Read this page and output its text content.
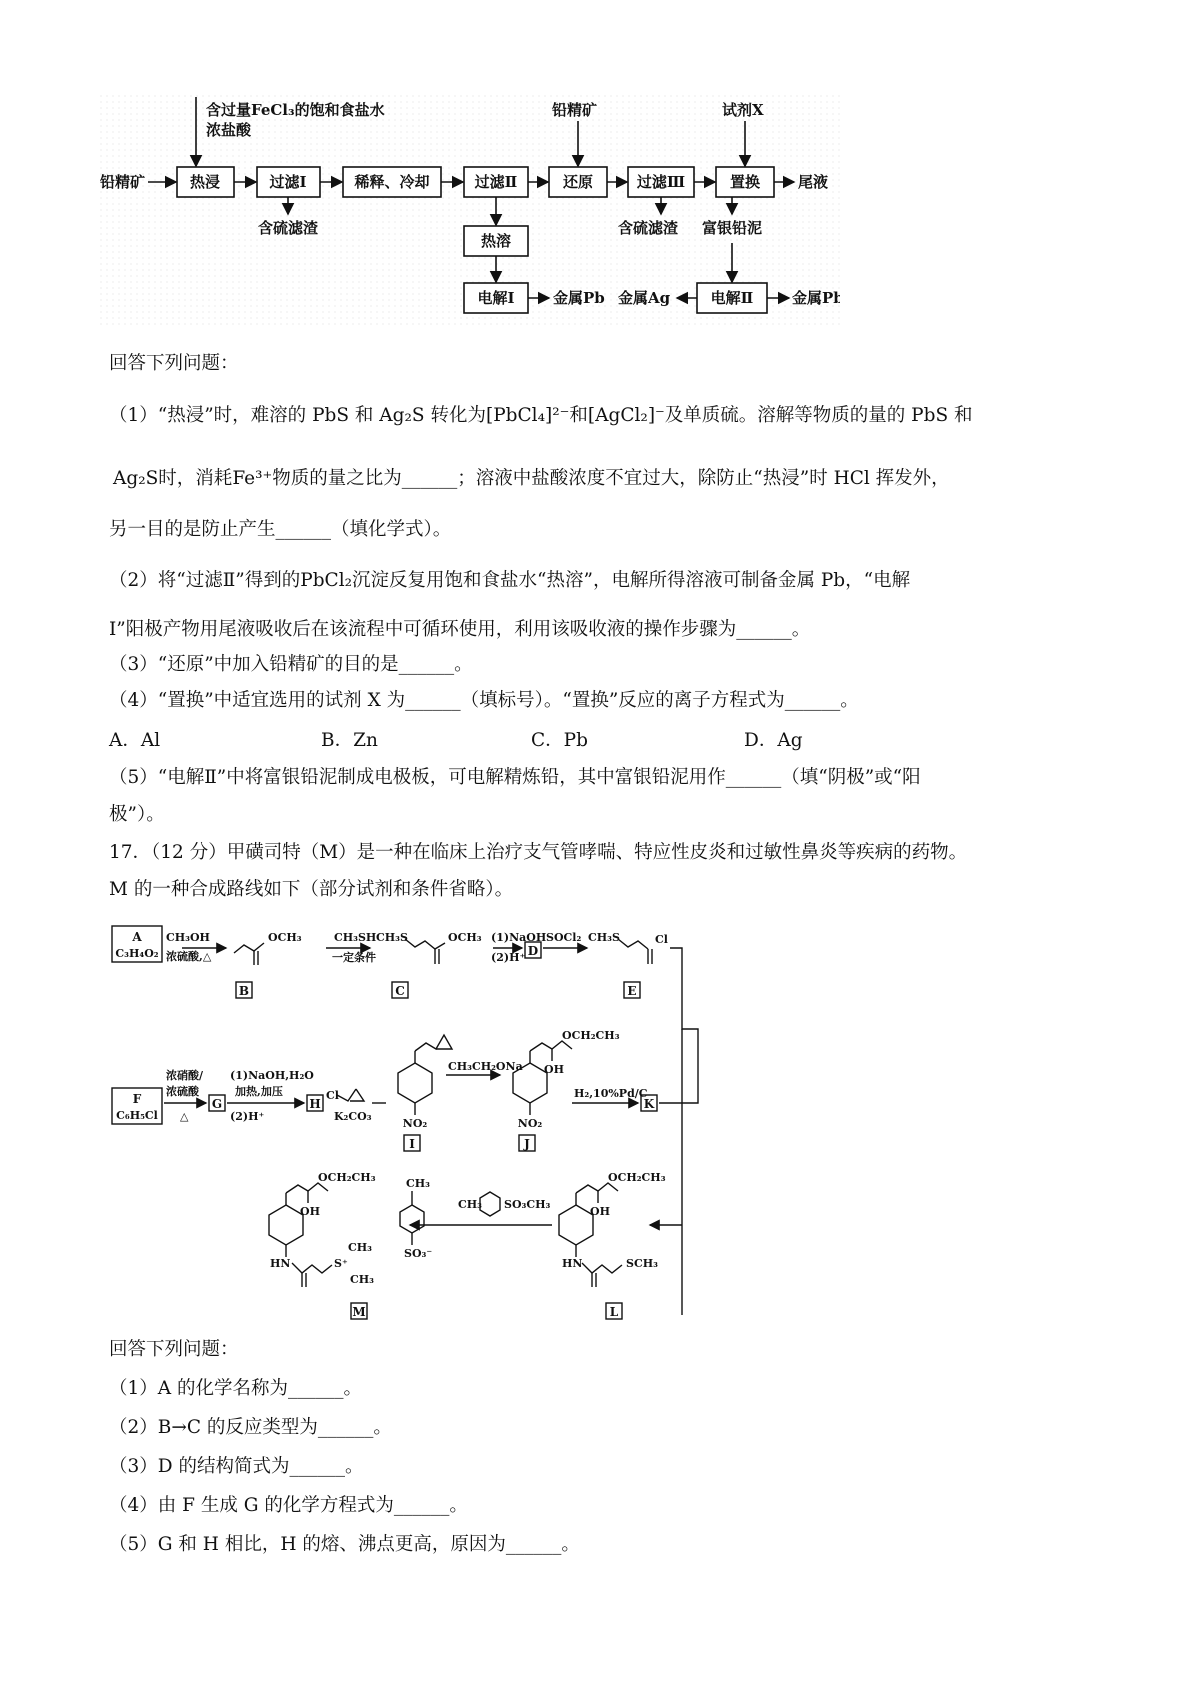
含过量FeCl₃的饱和食盐水
浓盐酸
铅精矿
铅精矿	试剂X
热浸	过滤Ⅰ	稀释、冷却	过滤Ⅱ	还原	过滤Ⅲ	置换	尾液
含硫滤渣
热溶
电解Ⅰ	金属Pb
含硫滤渣 富银铅泥
电解Ⅱ
金属Ag	金属Pb
回答下列问题：
（1）“热浸”时，难溶的 PbS 和 Ag₂S 转化为[PbCl₄]²⁻和[AgCl₂]⁻及单质硫。溶解等物质的量的 PbS 和
Ag₂S时，消耗Fe³⁺物质的量之比为______；溶液中盐酸浓度不宜过大，除防止“热浸”时 HCl 挥发外，
另一目的是防止产生______（填化学式）。
（2）将“过滤Ⅱ”得到的PbCl₂沉淀反复用饱和食盐水“热溶”，电解所得溶液可制备金属 Pb，“电解
Ⅰ”阳极产物用尾液吸收后在该流程中可循环使用，利用该吸收液的操作步骤为______。
（3）“还原”中加入铅精矿的目的是______。
（4）“置换”中适宜选用的试剂 X 为______（填标号）。“置换”反应的离子方程式为______。
A．Al	B．Zn	C．Pb	D．Ag
（5）“电解Ⅱ”中将富银铅泥制成电极板，可电解精炼铅，其中富银铅泥用作______（填“阴极”或“阳
极”）。
17．（12 分）甲磺司特（M）是一种在临床上治疗支气管哮喘、特应性皮炎和过敏性鼻炎等疾病的药物。
M 的一种合成路线如下（部分试剂和条件省略）。
A
C₃H₄O₂
CH₃OH
浓硫酸,△
OCH₃
B
CH₃SH
一定条件
CH₃S	OCH₃
C
(1)NaOH
(2)H⁺ D
SOCl₂ CH₃S	Cl
E
F
C₆H₅Cl
浓硝酸/
浓硫酸
△
G
(1)NaOH,H₂O
加热,加压
(2)H⁺
H
Cl
K₂CO₃
NO₂
I
CH₃CH₂ONa
OCH₂CH₃
OH
NO₂
J
H₂,10%Pd/C
K
OCH₂CH₃
OH
HN	SCH₃
L
CH₃ SO₃CH₃
CH₃
SO₃⁻
OCH₂CH₃
OH
HN	S⁺
CH₃
CH₃
M
回答下列问题：
（1）A 的化学名称为______。
（2）B→C 的反应类型为______。
（3）D 的结构简式为______。
（4）由 F 生成 G 的化学方程式为______。
（5）G 和 H 相比，H 的熔、沸点更高，原因为______。
